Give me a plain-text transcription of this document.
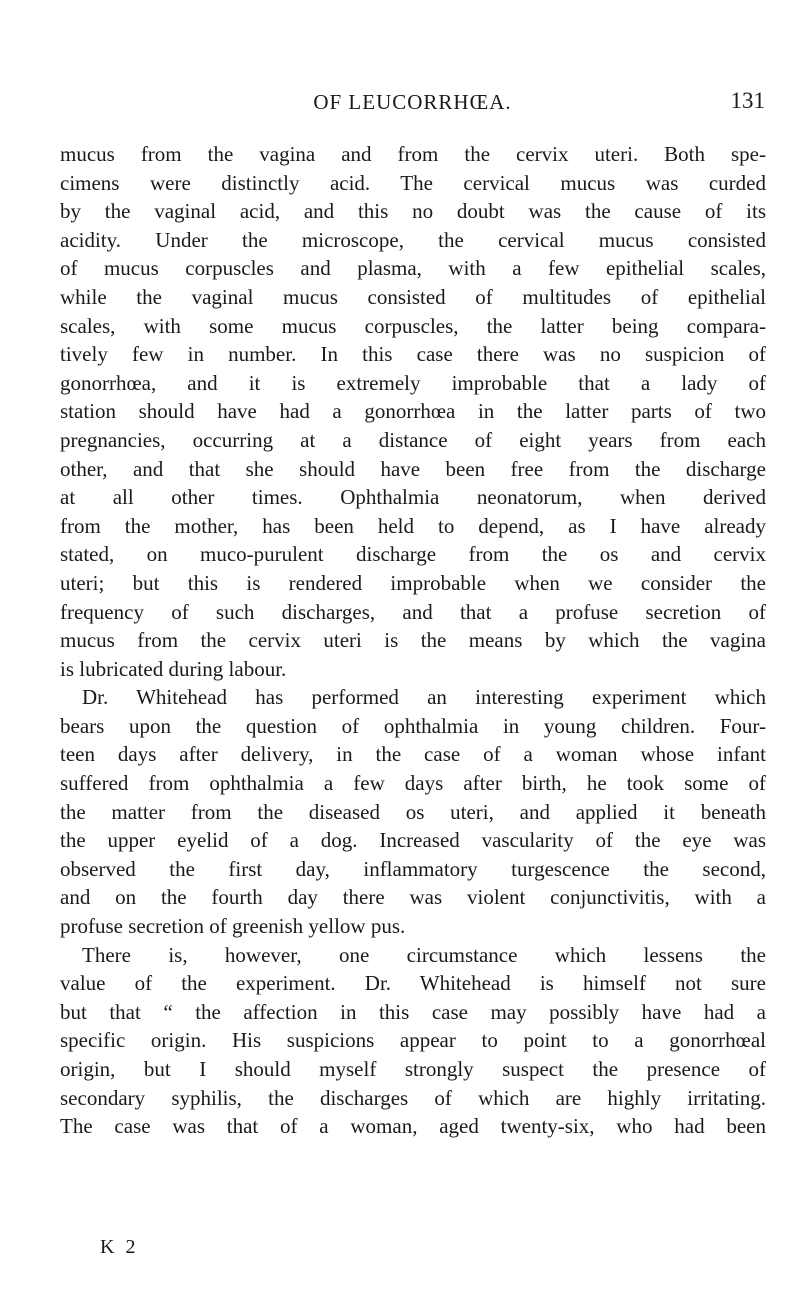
OF LEUCORRHŒA.	131
mucus from the vagina and from the cervix uteri. Both spe-
cimens were distinctly acid. The cervical mucus was curded
by the vaginal acid, and this no doubt was the cause of its
acidity. Under the microscope, the cervical mucus consisted
of mucus corpuscles and plasma, with a few epithelial scales,
while the vaginal mucus consisted of multitudes of epithelial
scales, with some mucus corpuscles, the latter being compara-
tively few in number. In this case there was no suspicion of
gonorrhœa, and it is extremely improbable that a lady of
station should have had a gonorrhœa in the latter parts of two
pregnancies, occurring at a distance of eight years from each
other, and that she should have been free from the discharge
at all other times. Ophthalmia neonatorum, when derived
from the mother, has been held to depend, as I have already
stated, on muco-purulent discharge from the os and cervix
uteri; but this is rendered improbable when we consider the
frequency of such discharges, and that a profuse secretion of
mucus from the cervix uteri is the means by which the vagina
is lubricated during labour.
Dr. Whitehead has performed an interesting experiment which
bears upon the question of ophthalmia in young children. Four-
teen days after delivery, in the case of a woman whose infant
suffered from ophthalmia a few days after birth, he took some of
the matter from the diseased os uteri, and applied it beneath
the upper eyelid of a dog. Increased vascularity of the eye was
observed the first day, inflammatory turgescence the second,
and on the fourth day there was violent conjunctivitis, with a
profuse secretion of greenish yellow pus.
There is, however, one circumstance which lessens the
value of the experiment. Dr. Whitehead is himself not sure
but that “ the affection in this case may possibly have had a
specific origin. His suspicions appear to point to a gonorrhœal
origin, but I should myself strongly suspect the presence of
secondary syphilis, the discharges of which are highly irritating.
The case was that of a woman, aged twenty-six, who had been
K 2
